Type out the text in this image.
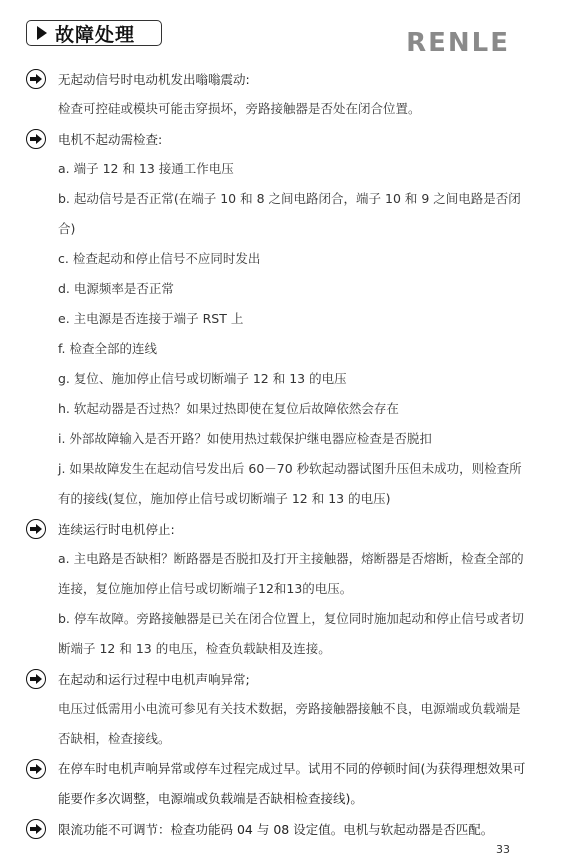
故障处理	RENLE
无起动信号时电动机发出嗡嗡震动:
检查可控硅或模块可能击穿损坏，旁路接触器是否处在闭合位置。
电机不起动需检查:
a. 端子 12 和 13 接通工作电压
b. 起动信号是否正常(在端子 10 和 8 之间电路闭合，端子 10 和 9 之间电路是否闭合)
c. 检查起动和停止信号不应同时发出
d. 电源频率是否正常
e. 主电源是否连接于端子 RST 上
f. 检查全部的连线
g. 复位、施加停止信号或切断端子 12 和 13 的电压
h. 软起动器是否过热？如果过热即使在复位后故障依然会存在
i. 外部故障输入是否开路？如使用热过载保护继电器应检查是否脱扣
j. 如果故障发生在起动信号发出后 60－70 秒软起动器试图升压但未成功，则检查所有的接线(复位，施加停止信号或切断端子 12 和 13 的电压)
连续运行时电机停止:
a. 主电路是否缺相？断路器是否脱扣及打开主接触器，熔断器是否熔断，检查全部的连接，复位施加停止信号或切断端子12和13的电压。
b. 停车故障。旁路接触器是已关在闭合位置上，复位同时施加起动和停止信号或者切断端子 12 和 13 的电压，检查负载缺相及连接。
在起动和运行过程中电机声响异常;
电压过低需用小电流可参见有关技术数据，旁路接触器接触不良，电源端或负载端是否缺相，检查接线。
在停车时电机声响异常或停车过程完成过早。试用不同的停顿时间(为获得理想效果可能要作多次调整，电源端或负载端是否缺相检查接线)。
限流功能不可调节：检查功能码 04 与 08 设定值。电机与软起动器是否匹配。
33
